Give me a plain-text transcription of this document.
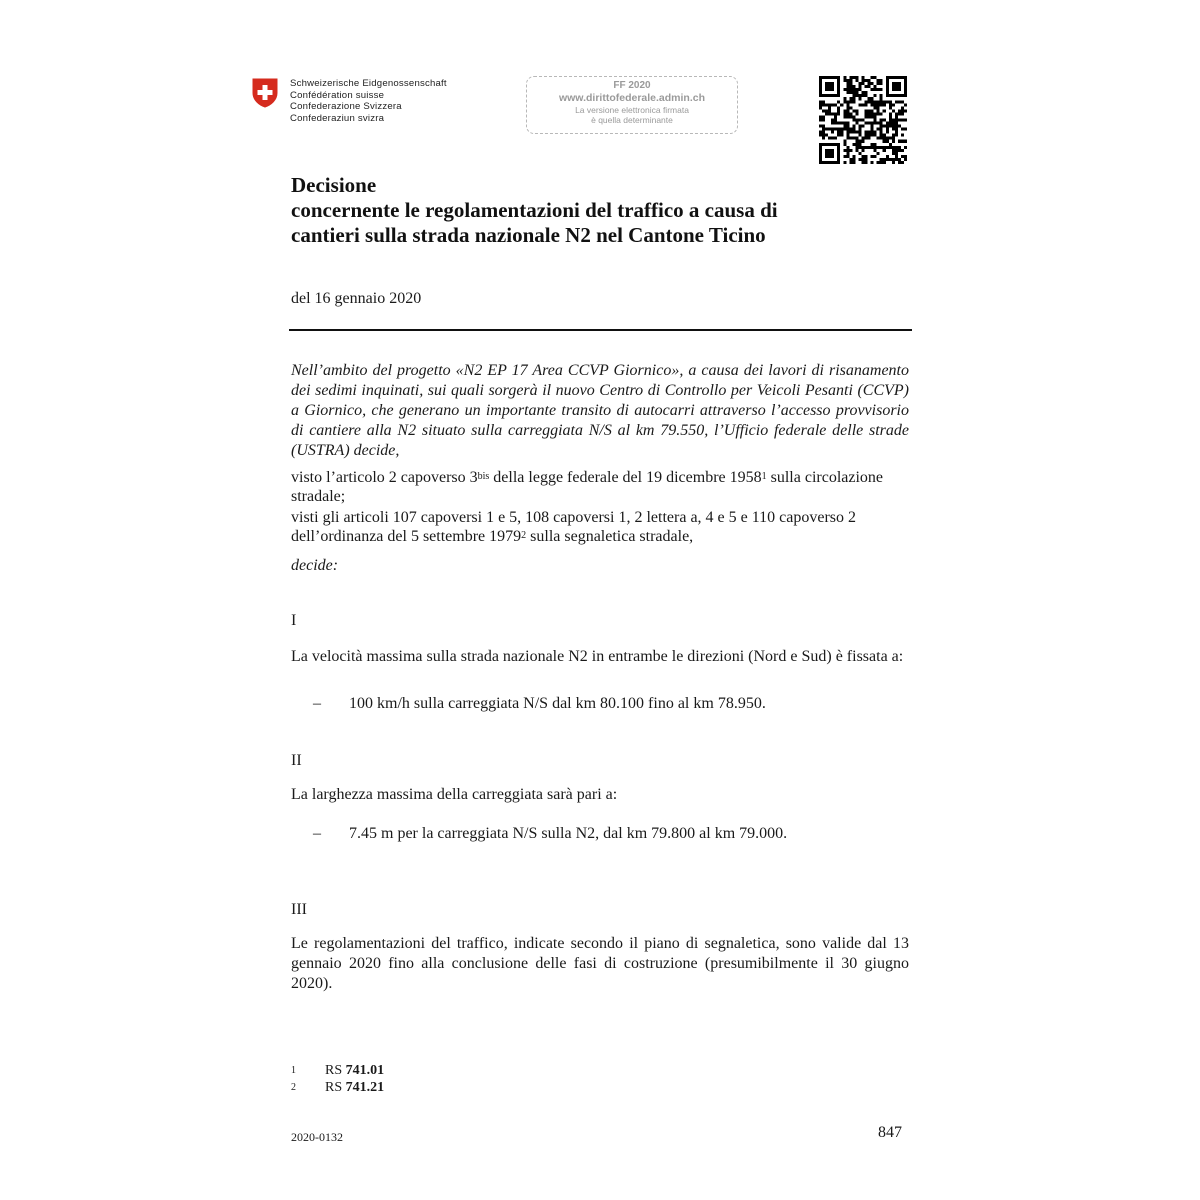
Schweizerische Eidgenossenschaft
Confédération suisse
Confederazione Svizzera
Confederaziun svizra
FF 2020
www.dirittofederale.admin.ch
La versione elettronica firmata
è quella determinante
Decisione
concernente le regolamentazioni del traffico a causa di
cantieri sulla strada nazionale N2 nel Cantone Ticino
del 16 gennaio 2020
Nell’ambito del progetto «N2 EP 17 Area CCVP Giornico», a causa dei lavori di risanamento dei sedimi inquinati, sui quali sorgerà il nuovo Centro di Controllo per Veicoli Pesanti (CCVP) a Giornico, che generano un importante transito di autocarri attraverso l’accesso provvisorio di cantiere alla N2 situato sulla carreggiata N/S al km 79.550, l’Ufficio federale delle strade (USTRA) decide,
visto l’articolo 2 capoverso $3^{bis}$ della legge federale del 19 dicembre 1958$^1$ sulla circolazione stradale;
visti gli articoli 107 capoversi 1 e 5, 108 capoversi 1, 2 lettera a, 4 e 5 e 110 capoverso 2 dell’ordinanza del 5 settembre 1979$^2$ sulla segnaletica stradale,
decide:
I
La velocità massima sulla strada nazionale N2 in entrambe le direzioni (Nord e Sud) è fissata a:
– 100 km/h sulla carreggiata N/S dal km 80.100 fino al km 78.950.
II
La larghezza massima della carreggiata sarà pari a:
– 7.45 m per la carreggiata N/S sulla N2, dal km 79.800 al km 79.000.
III
Le regolamentazioni del traffico, indicate secondo il piano di segnaletica, sono valide dal 13 gennaio 2020 fino alla conclusione delle fasi di costruzione (presumibilmente il 30 giugno 2020).
1 RS 741.01
2 RS 741.21
2020-0132	847
